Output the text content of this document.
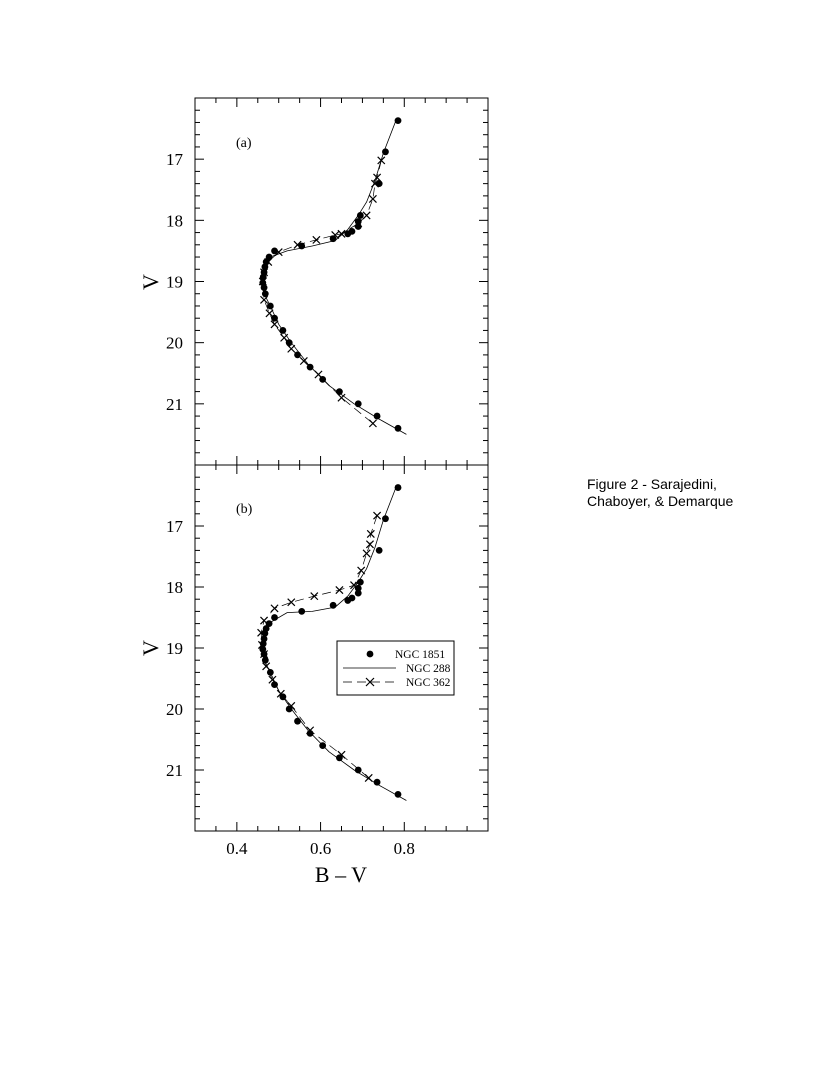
17
18
19
20
21
(a)
V
17
18
19
20
21
0.4	0.6	0.8
(b)
V
B – V
NGC 1851
NGC 288
NGC 362
Figure 2 - Sarajedini,
Chaboyer, & Demarque
